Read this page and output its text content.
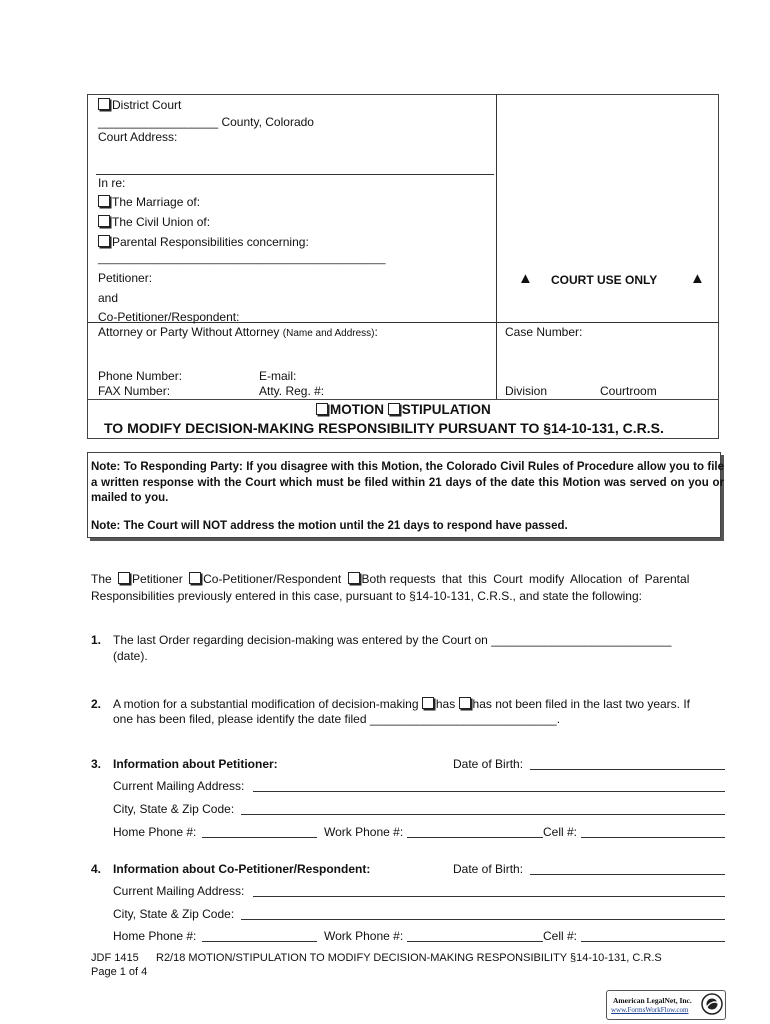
District Court
__________________ County, Colorado
Court Address:
In re:
The Marriage of:
The Civil Union of:
Parental Responsibilities concerning:
_______________________________________________
Petitioner:
and
Co-Petitioner/Respondent:
▲ COURT USE ONLY ▲
Attorney or Party Without Attorney (Name and Address):	Case Number:
Phone Number:	E-mail:
FAX Number:	Atty. Reg. #:	Division	Courtroom
MOTION STIPULATION
TO MODIFY DECISION-MAKING RESPONSIBILITY PURSUANT TO §14-10-131, C.R.S.
Note: To Responding Party: If you disagree with this Motion, the Colorado Civil Rules of Procedure allow you to file a written response with the Court which must be filed within 21 days of the date this Motion was served on you or mailed to you.
Note: The Court will NOT address the motion until the 21 days to respond have passed.
The Petitioner Co-Petitioner/Respondent Both requests that this Court modify Allocation of Parental
Responsibilities previously entered in this case, pursuant to §14-10-131, C.R.S., and state the following:
1. The last Order regarding decision-making was entered by the Court on ___________________________
(date).
2. A motion for a substantial modification of decision-making has has not been filed in the last two years. If
one has been filed, please identify the date filed ____________________________.
3. Information about Petitioner:	Date of Birth:
Current Mailing Address:
City, State & Zip Code:
Home Phone #:	Work Phone #:	Cell #:
4. Information about Co-Petitioner/Respondent:	Date of Birth:
Current Mailing Address:
City, State & Zip Code:
Home Phone #:	Work Phone #:	Cell #:
JDF 1415 R2/18 MOTION/STIPULATION TO MODIFY DECISION-MAKING RESPONSIBILITY §14-10-131, C.R.S
Page 1 of 4
American LegalNet, Inc.
www.FormsWorkFlow.com
